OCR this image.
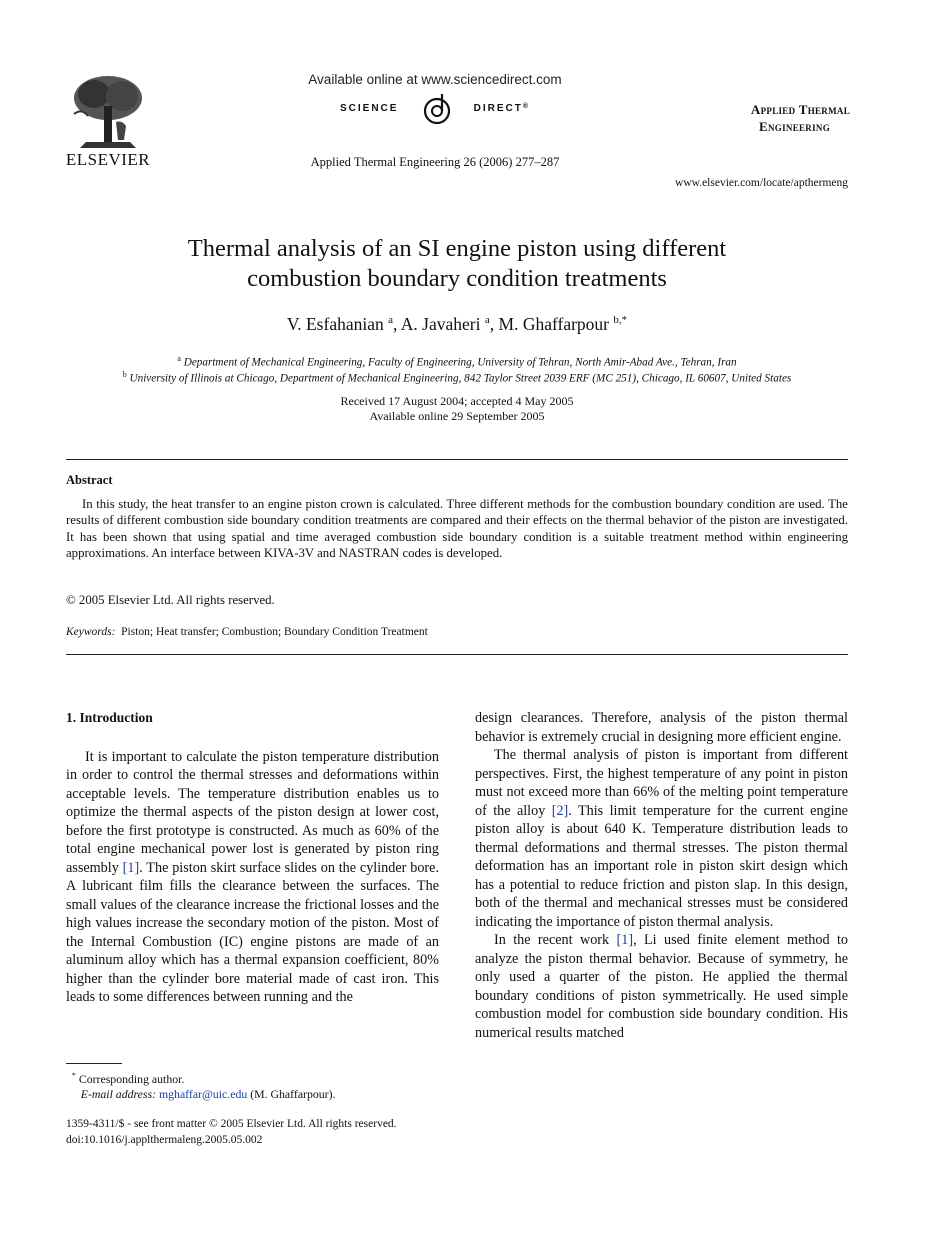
ELSEVIER
Available online at www.sciencedirect.com
SCIENCE	DIRECT®
Applied Thermal Engineering 26 (2006) 277–287
Applied Thermal
Engineering
www.elsevier.com/locate/apthermeng
Thermal analysis of an SI engine piston using different
combustion boundary condition treatments
V. Esfahanian $^a$, A. Javaheri $^a$, M. Ghaffarpour $^{b,*}$
$^a$ Department of Mechanical Engineering, Faculty of Engineering, University of Tehran, North Amir-Abad Ave., Tehran, Iran
$^b$ University of Illinois at Chicago, Department of Mechanical Engineering, 842 Taylor Street 2039 ERF (MC 251), Chicago, IL 60607, United States
Received 17 August 2004; accepted 4 May 2005
Available online 29 September 2005
Abstract
In this study, the heat transfer to an engine piston crown is calculated. Three different methods for the combustion boundary condition are used. The results of different combustion side boundary condition treatments are compared and their effects on the thermal behavior of the piston are investigated. It has been shown that using spatial and time averaged combustion side boundary condition is a suitable treatment method within engineering approximations. An interface between KIVA-3V and NASTRAN codes is developed.
© 2005 Elsevier Ltd. All rights reserved.
Keywords: Piston; Heat transfer; Combustion; Boundary Condition Treatment
1. Introduction

It is important to calculate the piston temperature distribution in order to control the thermal stresses and deformations within acceptable levels. The temperature distribution enables us to optimize the thermal aspects of the piston design at lower cost, before the first prototype is constructed. As much as 60% of the total engine mechanical power lost is generated by piston ring assembly [1]. The piston skirt surface slides on the cylinder bore. A lubricant film fills the clearance between the surfaces. The small values of the clearance increase the frictional losses and the high values increase the secondary motion of the piston. Most of the Internal Combustion (IC) engine pistons are made of an aluminum alloy which has a thermal expansion coefficient, 80% higher than the cylinder bore material made of cast iron. This leads to some differences between running and the

design clearances. Therefore, analysis of the piston thermal behavior is extremely crucial in designing more efficient engine.

The thermal analysis of piston is important from different perspectives. First, the highest temperature of any point in piston must not exceed more than 66% of the melting point temperature of the alloy [2]. This limit temperature for the current engine piston alloy is about 640 K. Temperature distribution leads to thermal deformations and thermal stresses. The piston thermal deformation has an important role in piston skirt design which has a potential to reduce friction and piston slap. In this design, both of the thermal and mechanical stresses must be considered indicating the importance of piston thermal analysis.

In the recent work [1], Li used finite element method to analyze the piston thermal behavior. Because of symmetry, he only used a quarter of the piston. He applied the thermal boundary conditions of piston symmetrically. He used simple combustion model for combustion side boundary condition. His numerical results matched

* Corresponding author.
E-mail address: mghaffar@uic.edu (M. Ghaffarpour).
1359-4311/$ - see front matter © 2005 Elsevier Ltd. All rights reserved.
doi:10.1016/j.applthermaleng.2005.05.002
